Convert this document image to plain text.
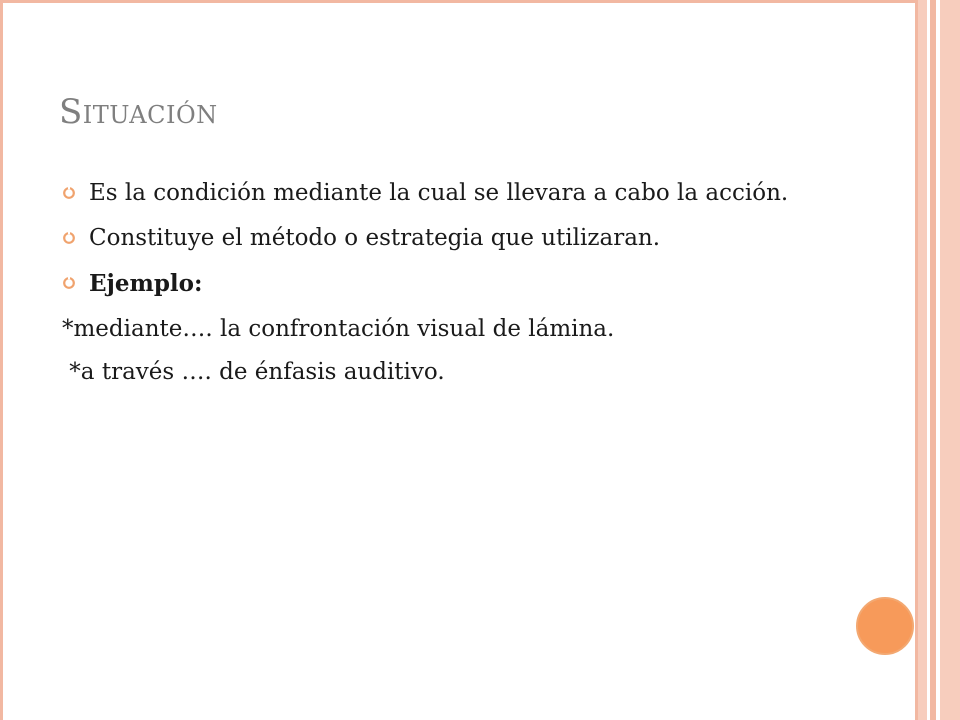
Situación
Es la condición mediante la cual se llevara a cabo la acción.
Constituye el método o estrategia que utilizaran.
Ejemplo:
*mediante…. la confrontación visual de lámina.
*a través …. de énfasis auditivo.
